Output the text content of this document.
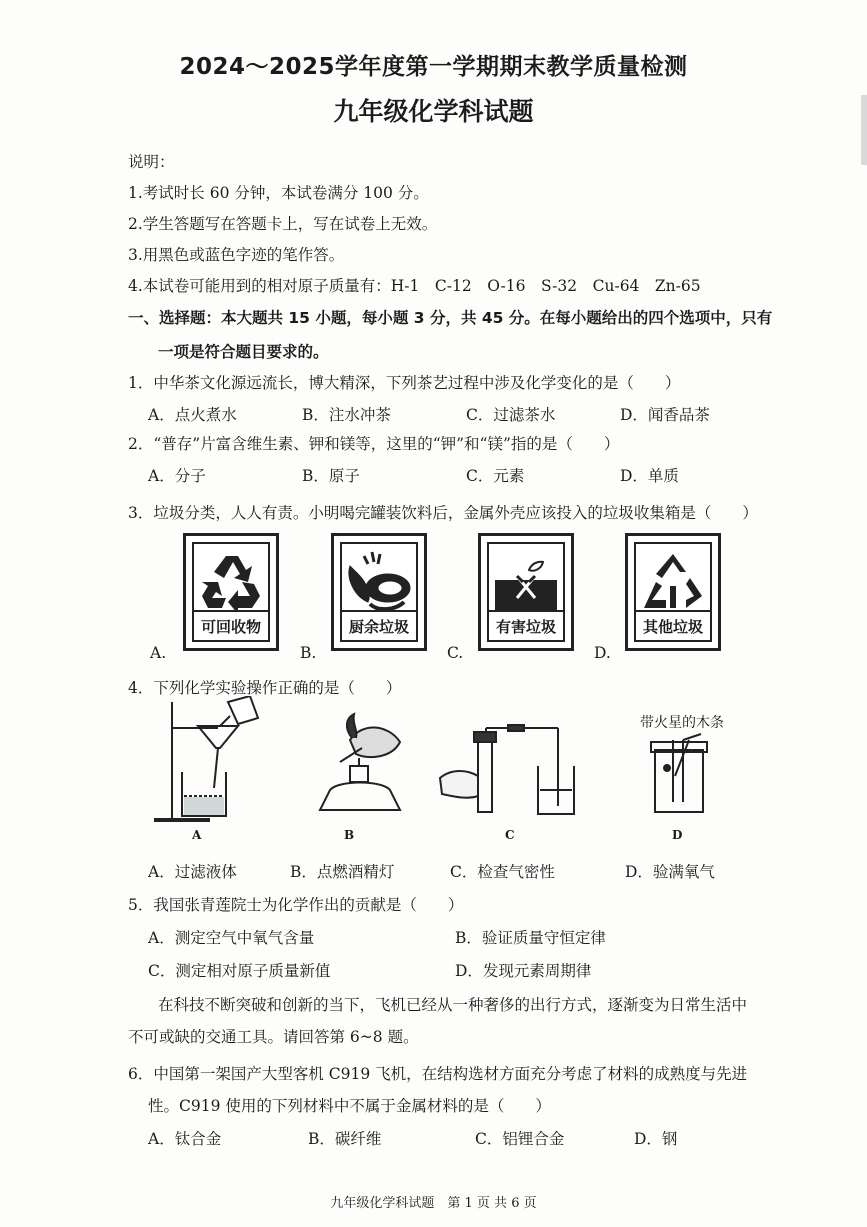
2024～2025学年度第一学期期末教学质量检测
九年级化学科试题
说明：
1.考试时长 60 分钟，本试卷满分 100 分。
2.学生答题写在答题卡上，写在试卷上无效。
3.用黑色或蓝色字迹的笔作答。
4.本试卷可能用到的相对原子质量有：H-1　C-12　O-16　S-32　Cu-64　Zn-65
一、选择题：本大题共 15 小题，每小题 3 分，共 45 分。在每小题给出的四个选项中，只有
一项是符合题目要求的。
1．中华茶文化源远流长，博大精深，下列茶艺过程中涉及化学变化的是（　　）
A．点火煮水	B．注水冲茶	C．过滤茶水	D．闻香品茶
2．“普存”片富含维生素、钾和镁等，这里的“钾”和“镁”指的是（　　）
A．分子	B．原子	C．元素	D．单质
3．垃圾分类，人人有责。小明喝完罐装饮料后，金属外壳应该投入的垃圾收集箱是（　　）
可回收物
A.
厨余垃圾
B.
有害垃圾
C.
其他垃圾
D.
4．下列化学实验操作正确的是（　　）
A	B	C
带火星的木条
D
A．过滤液体	B．点燃酒精灯	C．检查气密性	D．验满氧气
5．我国张青莲院士为化学作出的贡献是（　　）
A．测定空气中氧气含量	B．验证质量守恒定律
C．测定相对原子质量新值	D．发现元素周期律
在科技不断突破和创新的当下，飞机已经从一种奢侈的出行方式，逐渐变为日常生活中
不可或缺的交通工具。请回答第 6~8 题。
6．中国第一架国产大型客机 C919 飞机，在结构选材方面充分考虑了材料的成熟度与先进
性。C919 使用的下列材料中不属于金属材料的是（　　）
A．钛合金	B．碳纤维	C．铝锂合金	D．钢
九年级化学科试题　第 1 页 共 6 页
